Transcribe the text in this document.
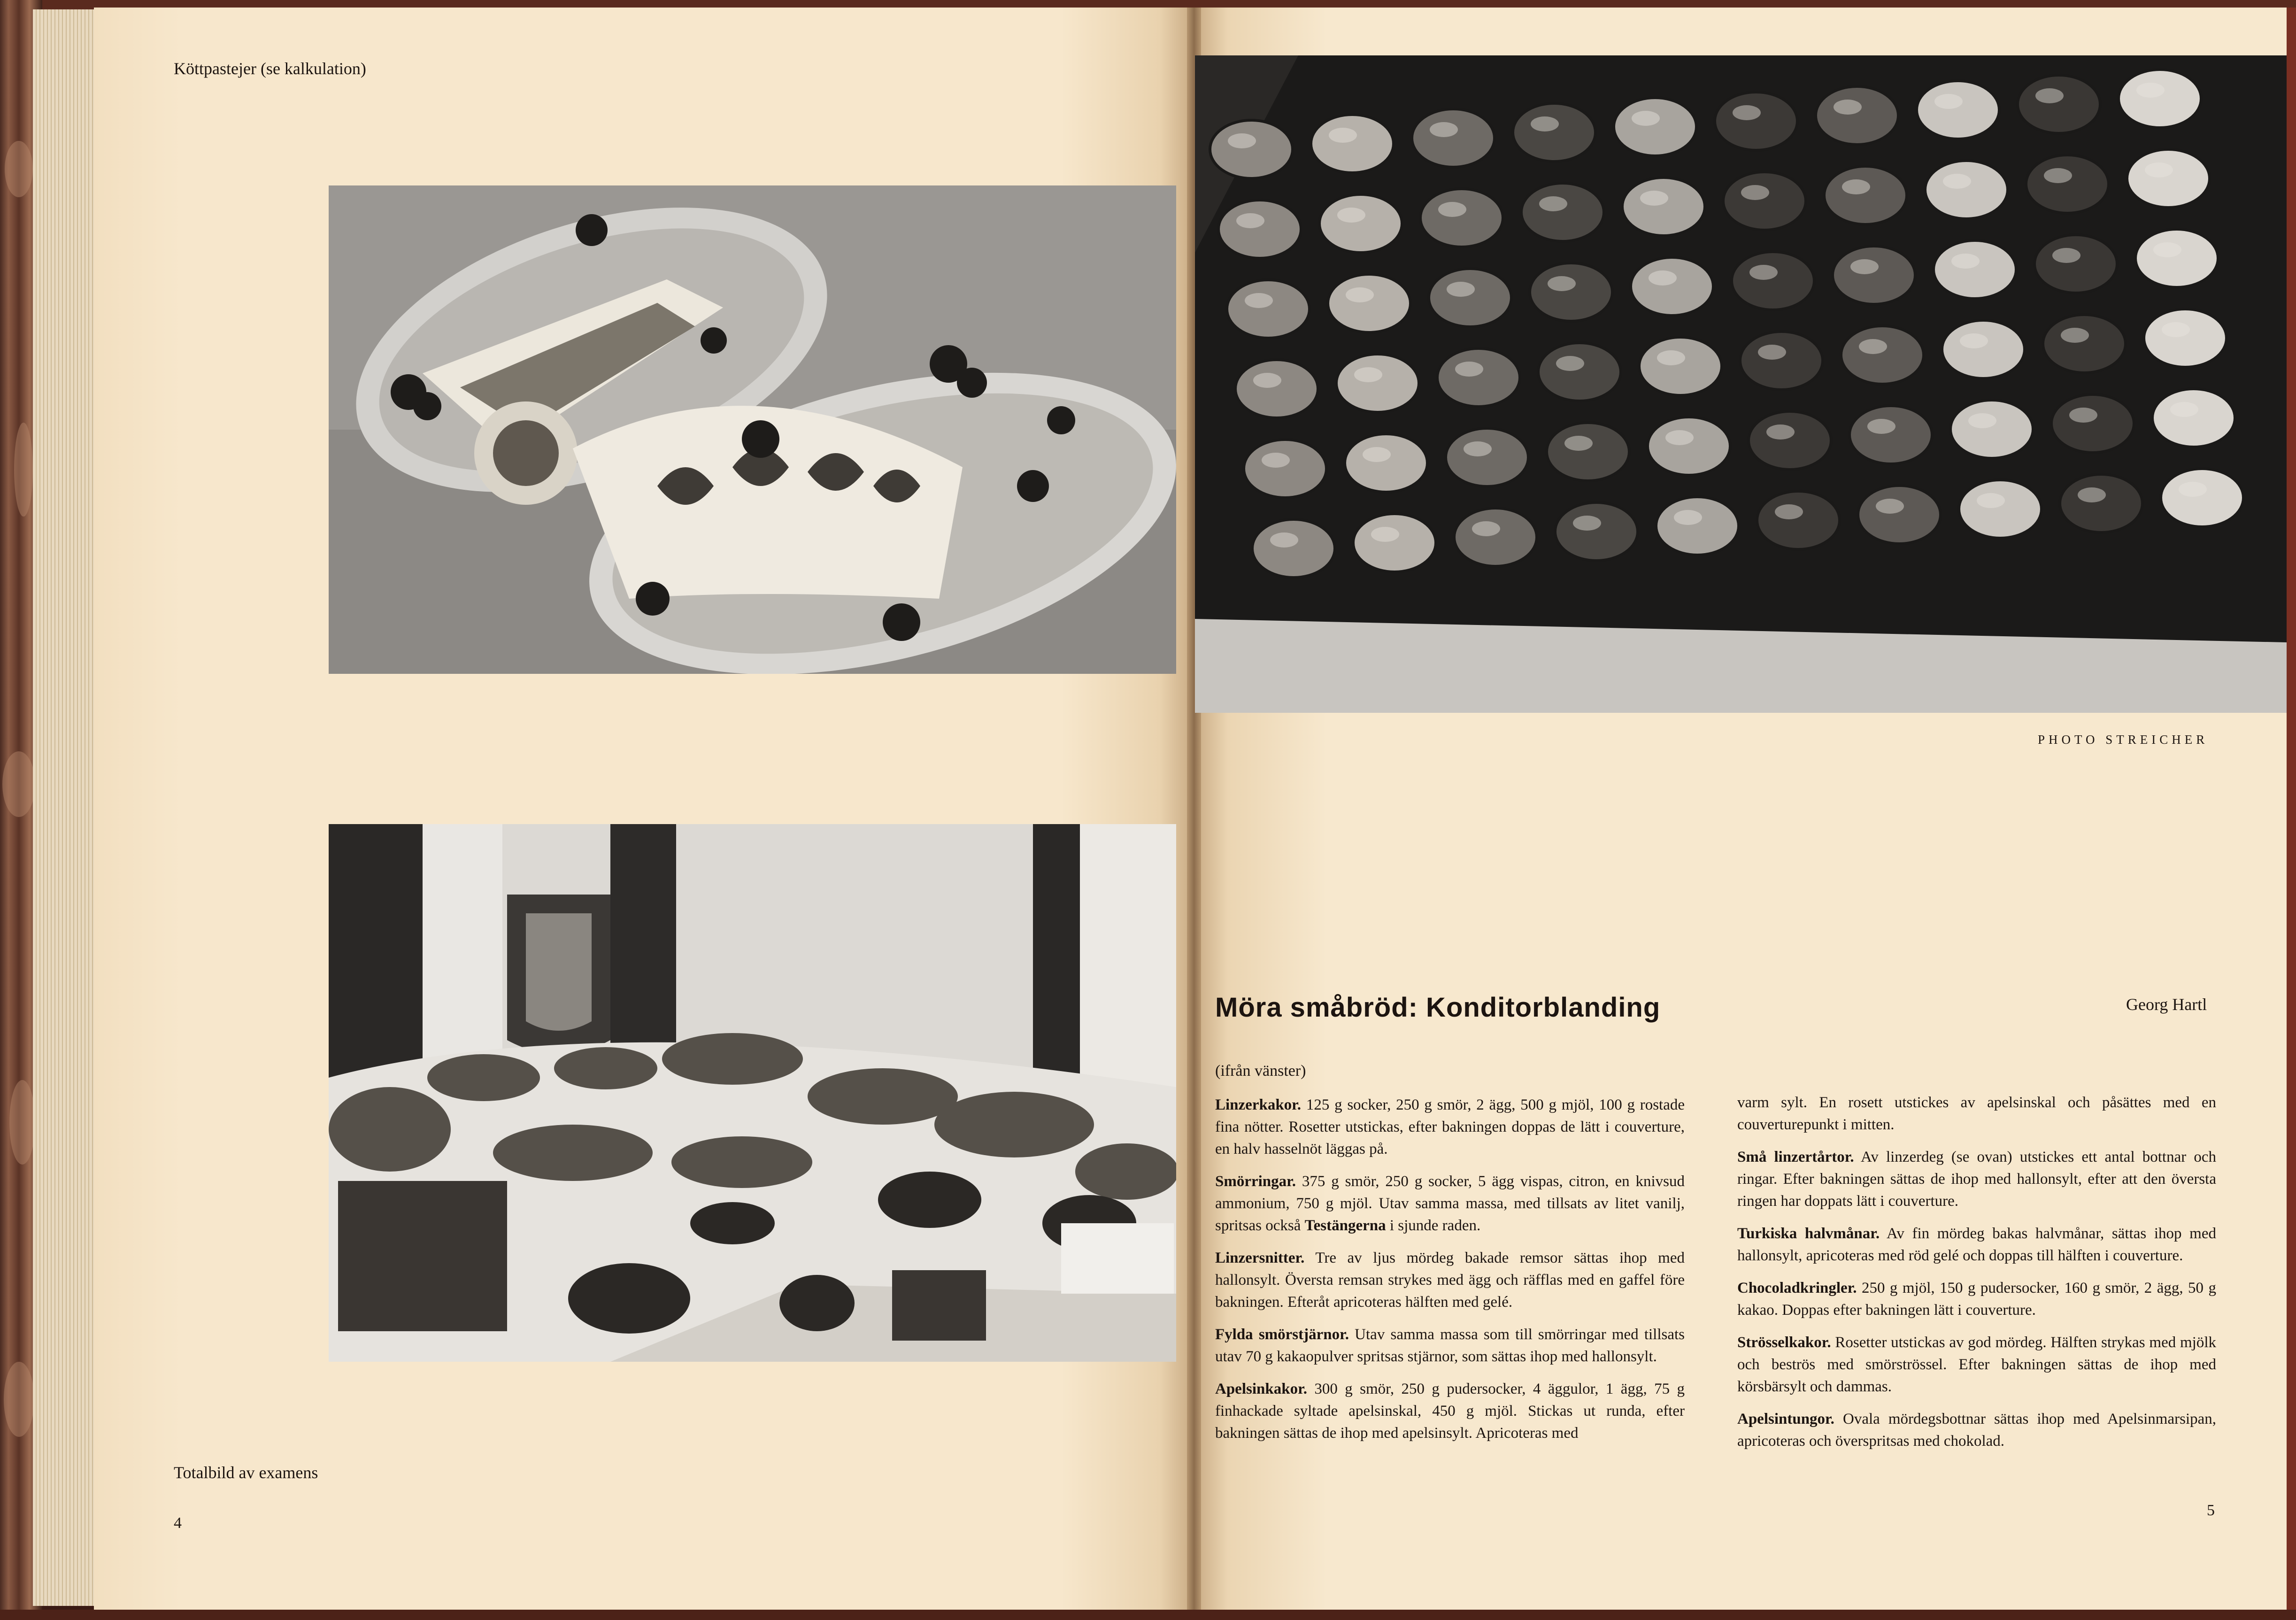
Köttpastejer (se kalkulation)
Totalbild av examens
4
PHOTO STREICHER
Möra småbröd: Konditorblanding	Georg Hartl
(ifrån vänster)

Linzerkakor. 125 g socker, 250 g smör, 2 ägg, 500 g mjöl, 100 g rostade fina nötter. Rosetter utstickas, efter bakningen doppas de lätt i couverture, en halv hasselnöt läggas på.

Smörringar. 375 g smör, 250 g socker, 5 ägg vispas, citron, en knivsud ammonium, 750 g mjöl. Utav samma massa, med tillsats av litet vanilj, spritsas också Testängerna i sjunde raden.

Linzersnitter. Tre av ljus mördeg bakade remsor sättas ihop med hallonsylt. Översta remsan strykes med ägg och räfflas med en gaffel före bakningen. Efteråt apricoteras hälften med gelé.

Fylda smörstjärnor. Utav samma massa som till smörringar med tillsats utav 70 g kakaopulver spritsas stjärnor, som sättas ihop med hallonsylt.

Apelsinkakor. 300 g smör, 250 g pudersocker, 4 äggulor, 1 ägg, 75 g finhackade syltade apelsinskal, 450 g mjöl. Stickas ut runda, efter bakningen sättas de ihop med apelsinsylt. Apricoteras med

varm sylt. En rosett utstickes av apelsinskal och påsättes med en couverturepunkt i mitten.

Små linzertårtor. Av linzerdeg (se ovan) utstickes ett antal bottnar och ringar. Efter bakningen sättas de ihop med hallonsylt, efter att den översta ringen har doppats lätt i couverture.

Turkiska halvmånar. Av fin mördeg bakas halvmånar, sättas ihop med hallonsylt, apricoteras med röd gelé och doppas till hälften i couverture.

Chocoladkringler. 250 g mjöl, 150 g pudersocker, 160 g smör, 2 ägg, 50 g kakao. Doppas efter bakningen lätt i couverture.

Strösselkakor. Rosetter utstickas av god mördeg. Hälften strykas med mjölk och beströs med smörströssel. Efter bakningen sättas de ihop med körsbärsylt och dammas.

Apelsintungor. Ovala mördegsbottnar sättas ihop med Apelsinmarsipan, apricoteras och överspritsas med chokolad.

5
